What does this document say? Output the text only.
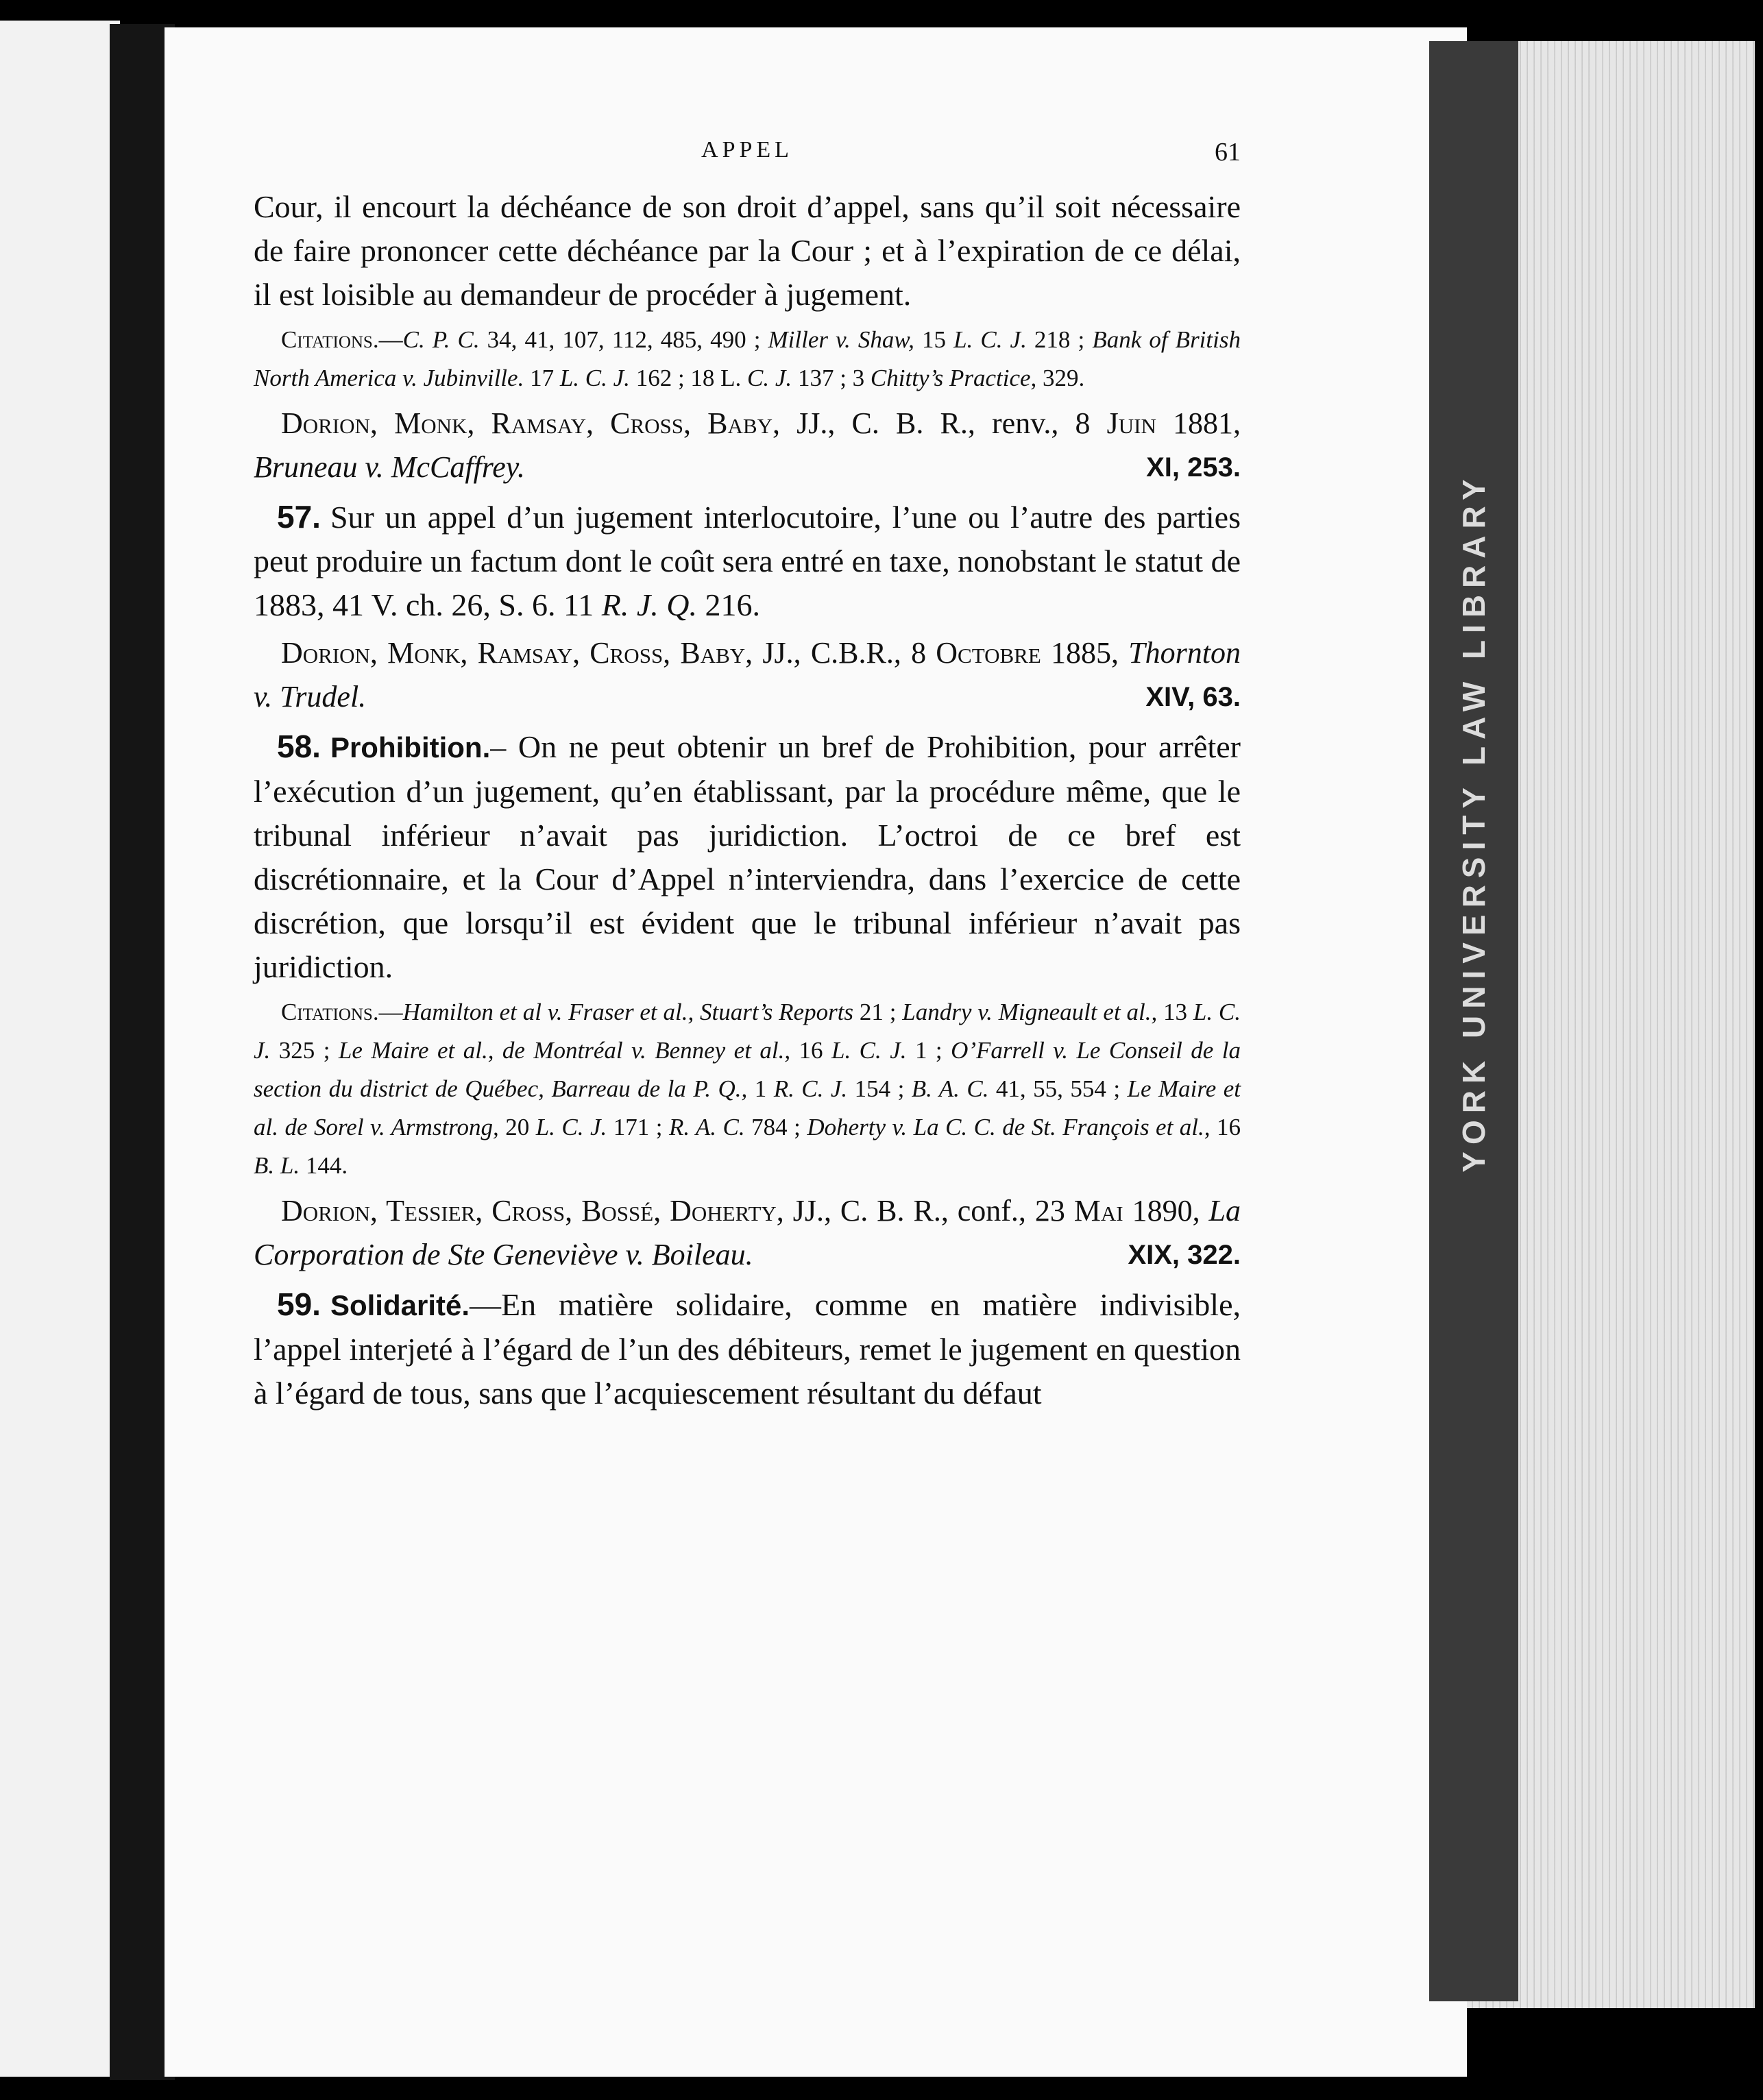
YORK UNIVERSITY LAW LIBRARY
APPEL	61

Cour, il encourt la déchéance de son droit d’appel, sans qu’il soit nécessaire de faire prononcer cette déchéance par la Cour ; et à l’expiration de ce délai, il est loisible au demandeur de procéder à jugement.

Citations.—C. P. C. 34, 41, 107, 112, 485, 490 ; Miller v. Shaw, 15 L. C. J. 218 ; Bank of British North America v. Jubinville. 17 L. C. J. 162 ; 18 L. C. J. 137 ; 3 Chitty’s Practice, 329.

Dorion, Monk, Ramsay, Cross, Baby, JJ., C. B. R., renv., 8 Juin 1881, Bruneau v. McCaffrey.	XI, 253.

57. Sur un appel d’un jugement interlocutoire, l’une ou l’autre des parties peut produire un factum dont le coût sera entré en taxe, nonobstant le statut de 1883, 41 V. ch. 26, S. 6. 11 R. J. Q. 216.

Dorion, Monk, Ramsay, Cross, Baby, JJ., C.B.R., 8 Octobre 1885, Thornton v. Trudel.	XIV, 63.

58. Prohibition.– On ne peut obtenir un bref de Prohibition, pour arrêter l’exécution d’un jugement, qu’en établissant, par la procédure même, que le tribunal inférieur n’avait pas juridiction. L’octroi de ce bref est discrétionnaire, et la Cour d’Appel n’interviendra, dans l’exercice de cette discrétion, que lorsqu’il est évident que le tribunal inférieur n’avait pas juridiction.

Citations.—Hamilton et al v. Fraser et al., Stuart’s Reports 21 ; Landry v. Migneault et al., 13 L. C. J. 325 ; Le Maire et al., de Montréal v. Benney et al., 16 L. C. J. 1 ; O’Farrell v. Le Conseil de la section du district de Québec, Barreau de la P. Q., 1 R. C. J. 154 ; B. A. C. 41, 55, 554 ; Le Maire et al. de Sorel v. Armstrong, 20 L. C. J. 171 ; R. A. C. 784 ; Doherty v. La C. C. de St. François et al., 16 B. L. 144.

Dorion, Tessier, Cross, Bossé, Doherty, JJ., C. B. R., conf., 23 Mai 1890, La Corporation de Ste Geneviève v. Boileau.	XIX, 322.

59. Solidarité.—En matière solidaire, comme en matière indivisible, l’appel interjeté à l’égard de l’un des débiteurs, remet le jugement en question à l’égard de tous, sans que l’acquiescement résultant du défaut
